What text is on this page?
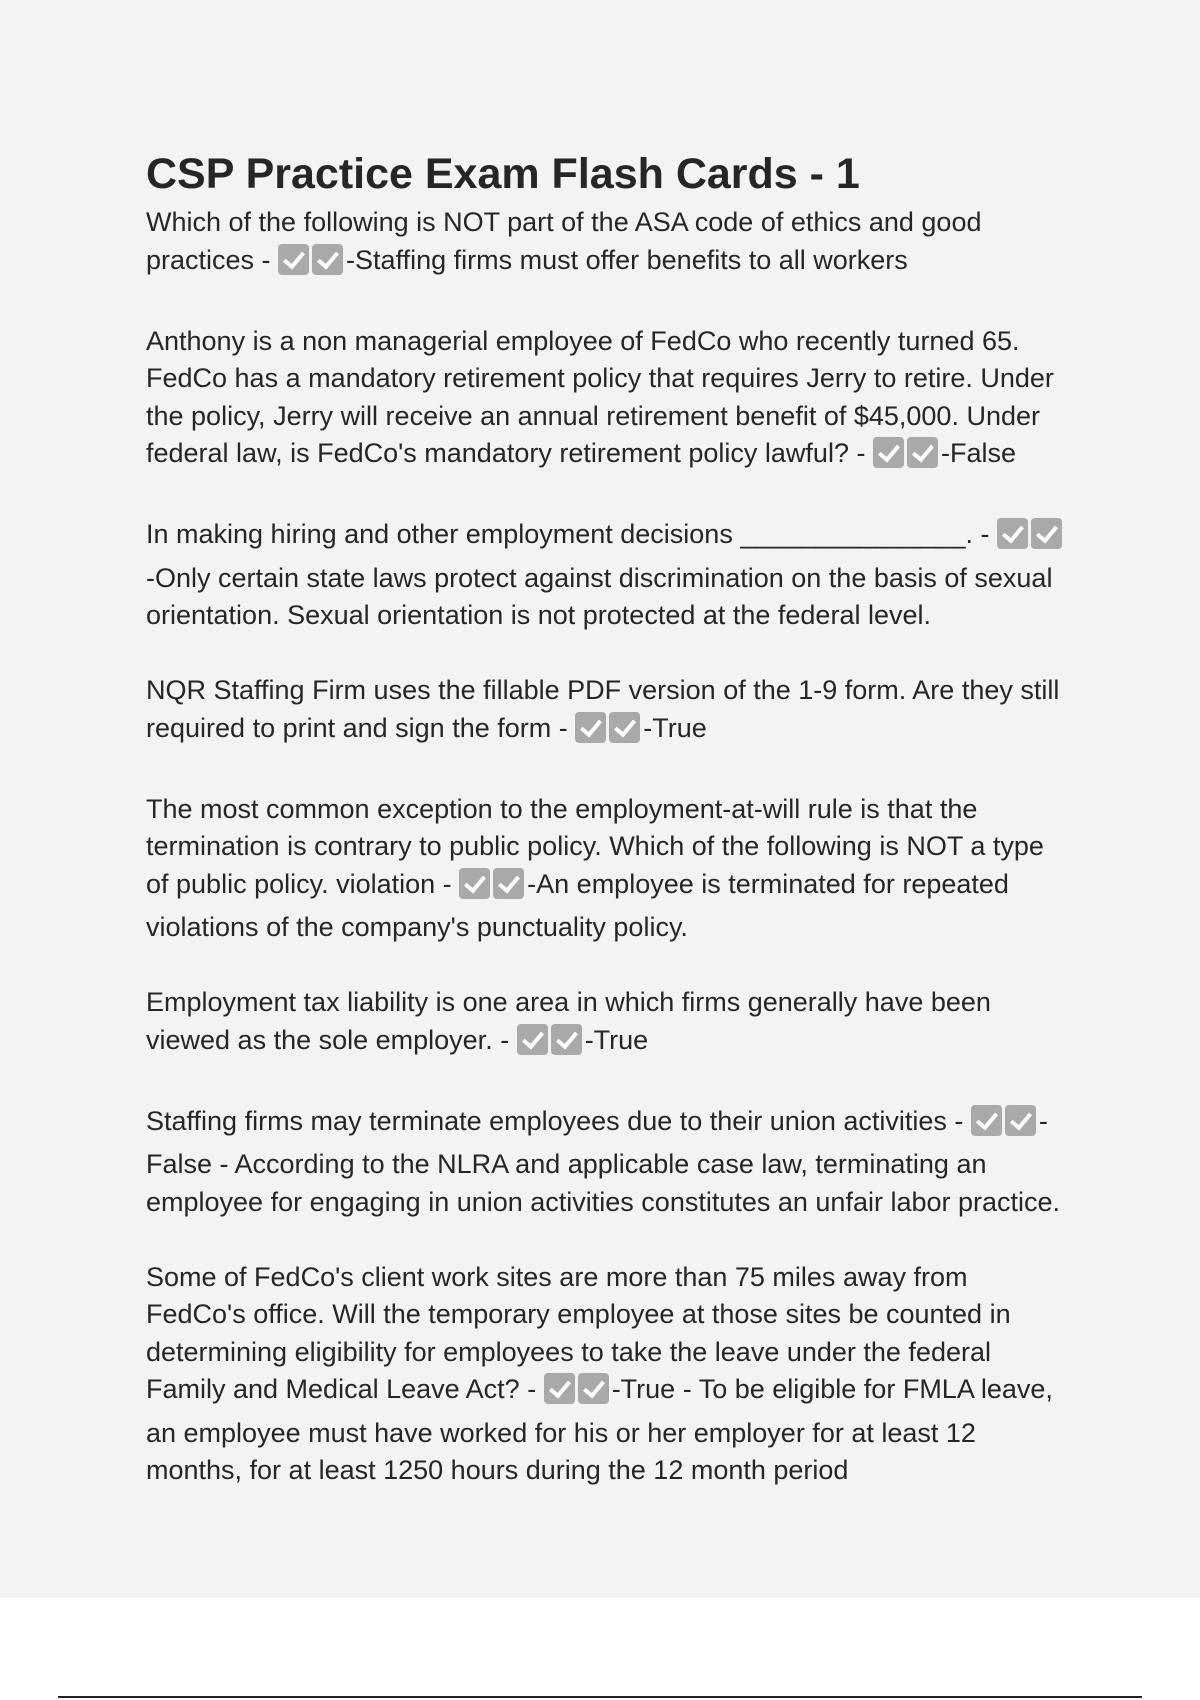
CSP Practice Exam Flash Cards - 1

Which of the following is NOT part of the ASA code of ethics and good practices -	-Staffing firms must offer benefits to all workers

Anthony is a non managerial employee of FedCo who recently turned 65. FedCo has a mandatory retirement policy that requires Jerry to retire. Under the policy, Jerry will receive an annual retirement benefit of $45,000. Under federal law, is FedCo's mandatory retirement policy lawful? -	-False

In making hiring and other employment decisions _______________. - -Only certain state laws protect against discrimination on the basis of sexual orientation. Sexual orientation is not protected at the federal level.

NQR Staffing Firm uses the fillable PDF version of the 1-9 form. Are they still required to print and sign the form -	-True

The most common exception to the employment-at-will rule is that the termination is contrary to public policy. Which of the following is NOT a type of public policy. violation -	-An employee is terminated for repeated violations of the company's punctuality policy.

Employment tax liability is one area in which firms generally have been viewed as the sole employer. -	-True

Staffing firms may terminate employees due to their union activities -	-False - According to the NLRA and applicable case law, terminating an employee for engaging in union activities constitutes an unfair labor practice.

Some of FedCo's client work sites are more than 75 miles away from FedCo's office. Will the temporary employee at those sites be counted in determining eligibility for employees to take the leave under the federal Family and Medical Leave Act? -	-True - To be eligible for FMLA leave, an employee must have worked for his or her employer for at least 12 months, for at least 1250 hours during the 12 month period
